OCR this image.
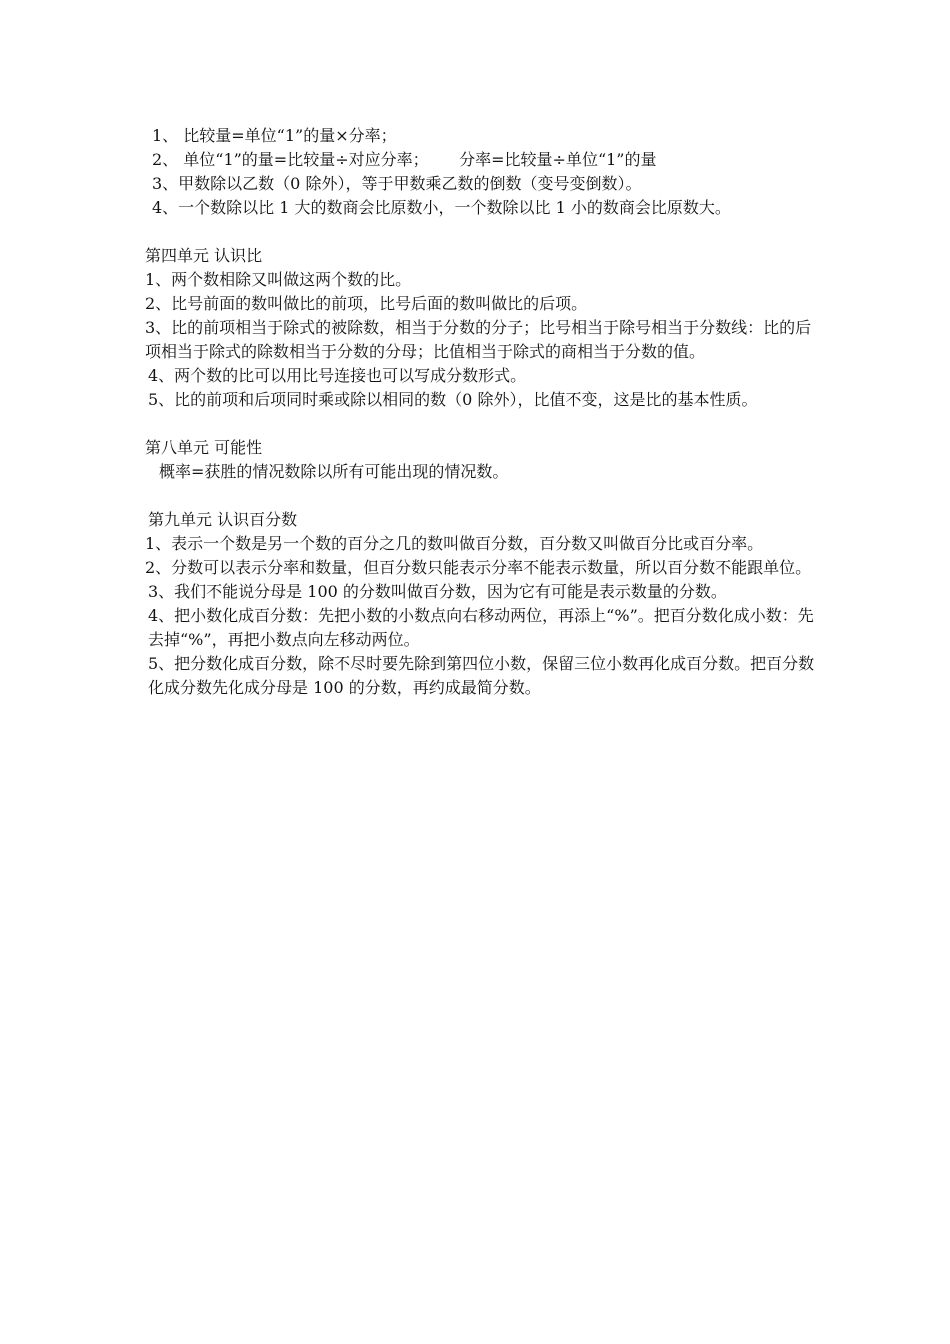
1、 比较量=单位“1”的量×分率；

2、 单位“1”的量=比较量÷对应分率；      分率=比较量÷单位“1”的量

3、甲数除以乙数（0 除外），等于甲数乘乙数的倒数（变号变倒数）。

4、一个数除以比 1 大的数商会比原数小，一个数除以比 1 小的数商会比原数大。

第四单元 认识比

1、两个数相除又叫做这两个数的比。

2、比号前面的数叫做比的前项，比号后面的数叫做比的后项。

3、比的前项相当于除式的被除数，相当于分数的分子；比号相当于除号相当于分数线：比的后项相当于除式的除数相当于分数的分母；比值相当于除式的商相当于分数的值。

4、两个数的比可以用比号连接也可以写成分数形式。

5、比的前项和后项同时乘或除以相同的数（0 除外），比值不变，这是比的基本性质。

第八单元 可能性

概率=获胜的情况数除以所有可能出现的情况数。

第九单元 认识百分数

1、表示一个数是另一个数的百分之几的数叫做百分数，百分数又叫做百分比或百分率。

2、分数可以表示分率和数量，但百分数只能表示分率不能表示数量，所以百分数不能跟单位。

3、我们不能说分母是 100 的分数叫做百分数，因为它有可能是表示数量的分数。

4、把小数化成百分数：先把小数的小数点向右移动两位，再添上“%”。把百分数化成小数：先去掉“%”，再把小数点向左移动两位。

5、把分数化成百分数，除不尽时要先除到第四位小数，保留三位小数再化成百分数。把百分数化成分数先化成分母是 100 的分数，再约成最简分数。
